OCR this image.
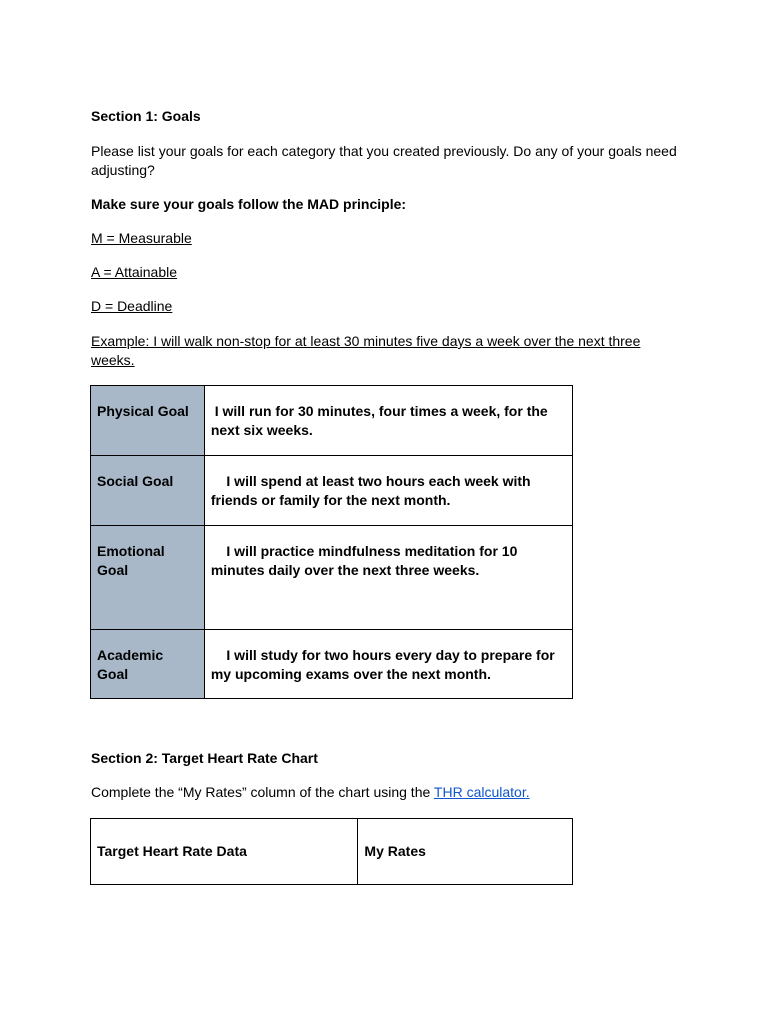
Section 1: Goals

Please list your goals for each category that you created previously. Do any of your goals need adjusting?

Make sure your goals follow the MAD principle:

M = Measurable

A = Attainable

D = Deadline

Example: I will walk non-stop for at least 30 minutes five days a week over the next three weeks.

Physical Goal	I will run for 30 minutes, four times a week, for the next six weeks.

Social Goal	I will spend at least two hours each week with friends or family for the next month.

Emotional Goal	I will practice mindfulness meditation for 10 minutes daily over the next three weeks.

Academic Goal	I will study for two hours every day to prepare for my upcoming exams over the next month.

Section 2: Target Heart Rate Chart

Complete the “My Rates” column of the chart using the THR calculator.

Target Heart Rate Data	My Rates
